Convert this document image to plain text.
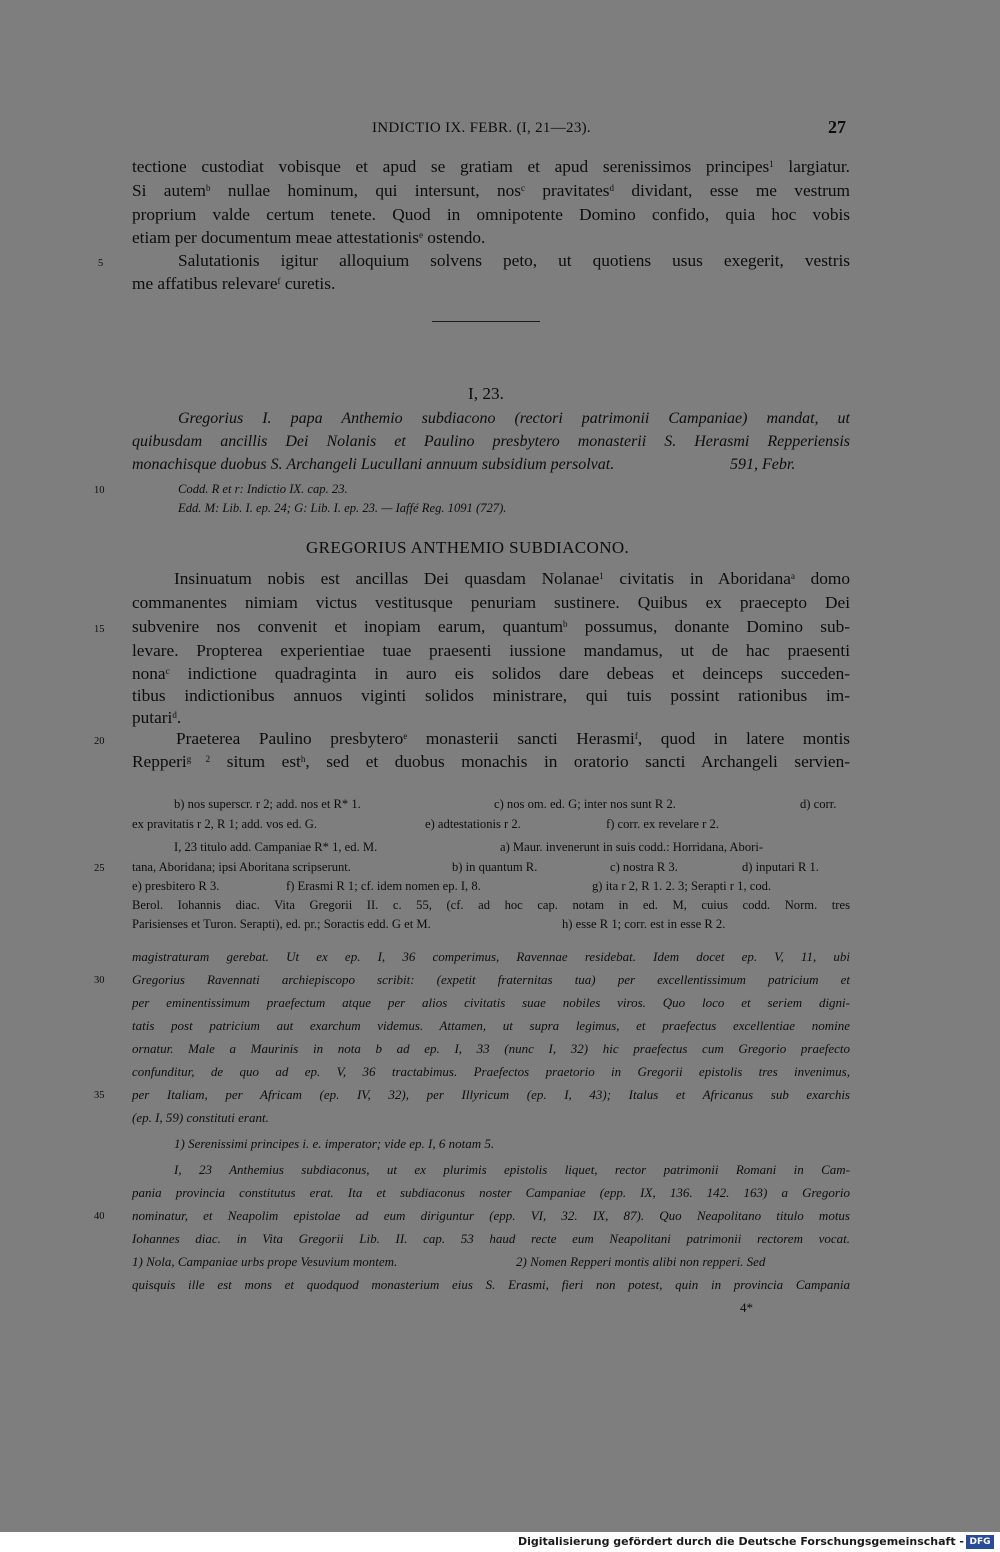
INDICTIO IX. FEBR. (I, 21—23).	27
tectione custodiat vobisque et apud se gratiam et apud serenissimos principes$^1$ largiatur.
Si autem$^b$ nullae hominum, qui intersunt, nos$^c$ pravitates$^d$ dividant, esse me vestrum
proprium valde certum tenete. Quod in omnipotente Domino confido, quia hoc vobis
etiam per documentum meae attestationis$^e$ ostendo.
5	Salutationis igitur alloquium solvens peto, ut quotiens usus exegerit, vestris
me affatibus relevare$^f$ curetis.
I, 23.
Gregorius I. papa Anthemio subdiacono (rectori patrimonii Campaniae) mandat, ut
quibusdam ancillis Dei Nolanis et Paulino presbytero monasterii S. Herasmi Repperiensis
monachisque duobus S. Archangeli Lucullani annuum subsidium persolvat.	591, Febr.
10	Codd. R et r: Indictio IX. cap. 23.
Edd. M: Lib. I. ep. 24; G: Lib. I. ep. 23. — Iaffé Reg. 1091 (727).
GREGORIUS ANTHEMIO SUBDIACONO.
Insinuatum nobis est ancillas Dei quasdam Nolanae$^1$ civitatis in Aboridana$^a$ domo
commanentes nimiam victus vestitusque penuriam sustinere. Quibus ex praecepto Dei
15 subvenire nos convenit et inopiam earum, quantum$^b$ possumus, donante Domino sub-
levare. Propterea experientiae tuae praesenti iussione mandamus, ut de hac praesenti
nona$^c$ indictione quadraginta in auro eis solidos dare debeas et deinceps succeden-
tibus indictionibus annuos viginti solidos ministrare, qui tuis possint rationibus im-
putari$^d$.
20	Praeterea Paulino presbytero$^e$ monasterii sancti Herasmi$^f$, quod in latere montis
Repperi$^{g 2}$ situm est$^h$, sed et duobus monachis in oratorio sancti Archangeli servien-
b) nos superscr. r 2; add. nos et R* 1.	c) nos om. ed. G; inter nos sunt R 2.	d) corr.
ex pravitatis r 2, R 1; add. vos ed. G.	e) adtestationis r 2.	f) corr. ex revelare r 2.
I, 23 titulo add. Campaniae R* 1, ed. M.	a) Maur. invenerunt in suis codd.: Horridana, Abori-
25 tana, Aboridana; ipsi Aboritana scripserunt.	b) in quantum R.	c) nostra R 3.	d) inputari R 1.
e) presbitero R 3.	f) Erasmi R 1; cf. idem nomen ep. I, 8.	g) ita r 2, R 1. 2. 3; Serapti r 1, cod.
Berol. Iohannis diac. Vita Gregorii II. c. 55, (cf. ad hoc cap. notam in ed. M, cuius codd. Norm. tres
Parisienses et Turon. Serapti), ed. pr.; Soractis edd. G et M.	h) esse R 1; corr. est in esse R 2.
magistraturam gerebat. Ut ex ep. I, 36 comperimus, Ravennae residebat. Idem docet ep. V, 11, ubi
30 Gregorius Ravennati archiepiscopo scribit: (expetit fraternitas tua) per excellentissimum patricium et
per eminentissimum praefectum atque per alios civitatis suae nobiles viros. Quo loco et seriem digni-
tatis post patricium aut exarchum videmus. Attamen, ut supra legimus, et praefectus excellentiae nomine
ornatur. Male a Maurinis in nota b ad ep. I, 33 (nunc I, 32) hic praefectus cum Gregorio praefecto
confunditur, de quo ad ep. V, 36 tractabimus. Praefectos praetorio in Gregorii epistolis tres invenimus,
35 per Italiam, per Africam (ep. IV, 32), per Illyricum (ep. I, 43); Italus et Africanus sub exarchis
(ep. I, 59) constituti erant.
1) Serenissimi principes i. e. imperator; vide ep. I, 6 notam 5.
I, 23 Anthemius subdiaconus, ut ex plurimis epistolis liquet, rector patrimonii Romani in Cam-
pania provincia constitutus erat. Ita et subdiaconus noster Campaniae (epp. IX, 136. 142. 163) a Gregorio
40 nominatur, et Neapolim epistolae ad eum diriguntur (epp. VI, 32. IX, 87). Quo Neapolitano titulo motus
Iohannes diac. in Vita Gregorii Lib. II. cap. 53 haud recte eum Neapolitani patrimonii rectorem vocat.
1) Nola, Campaniae urbs prope Vesuvium montem.	2) Nomen Repperi montis alibi non repperi. Sed
quisquis ille est mons et quodquod monasterium eius S. Erasmi, fieri non potest, quin in provincia Campania
4*
Digitalisierung gefördert durch die Deutsche Forschungsgemeinschaft - DFG
